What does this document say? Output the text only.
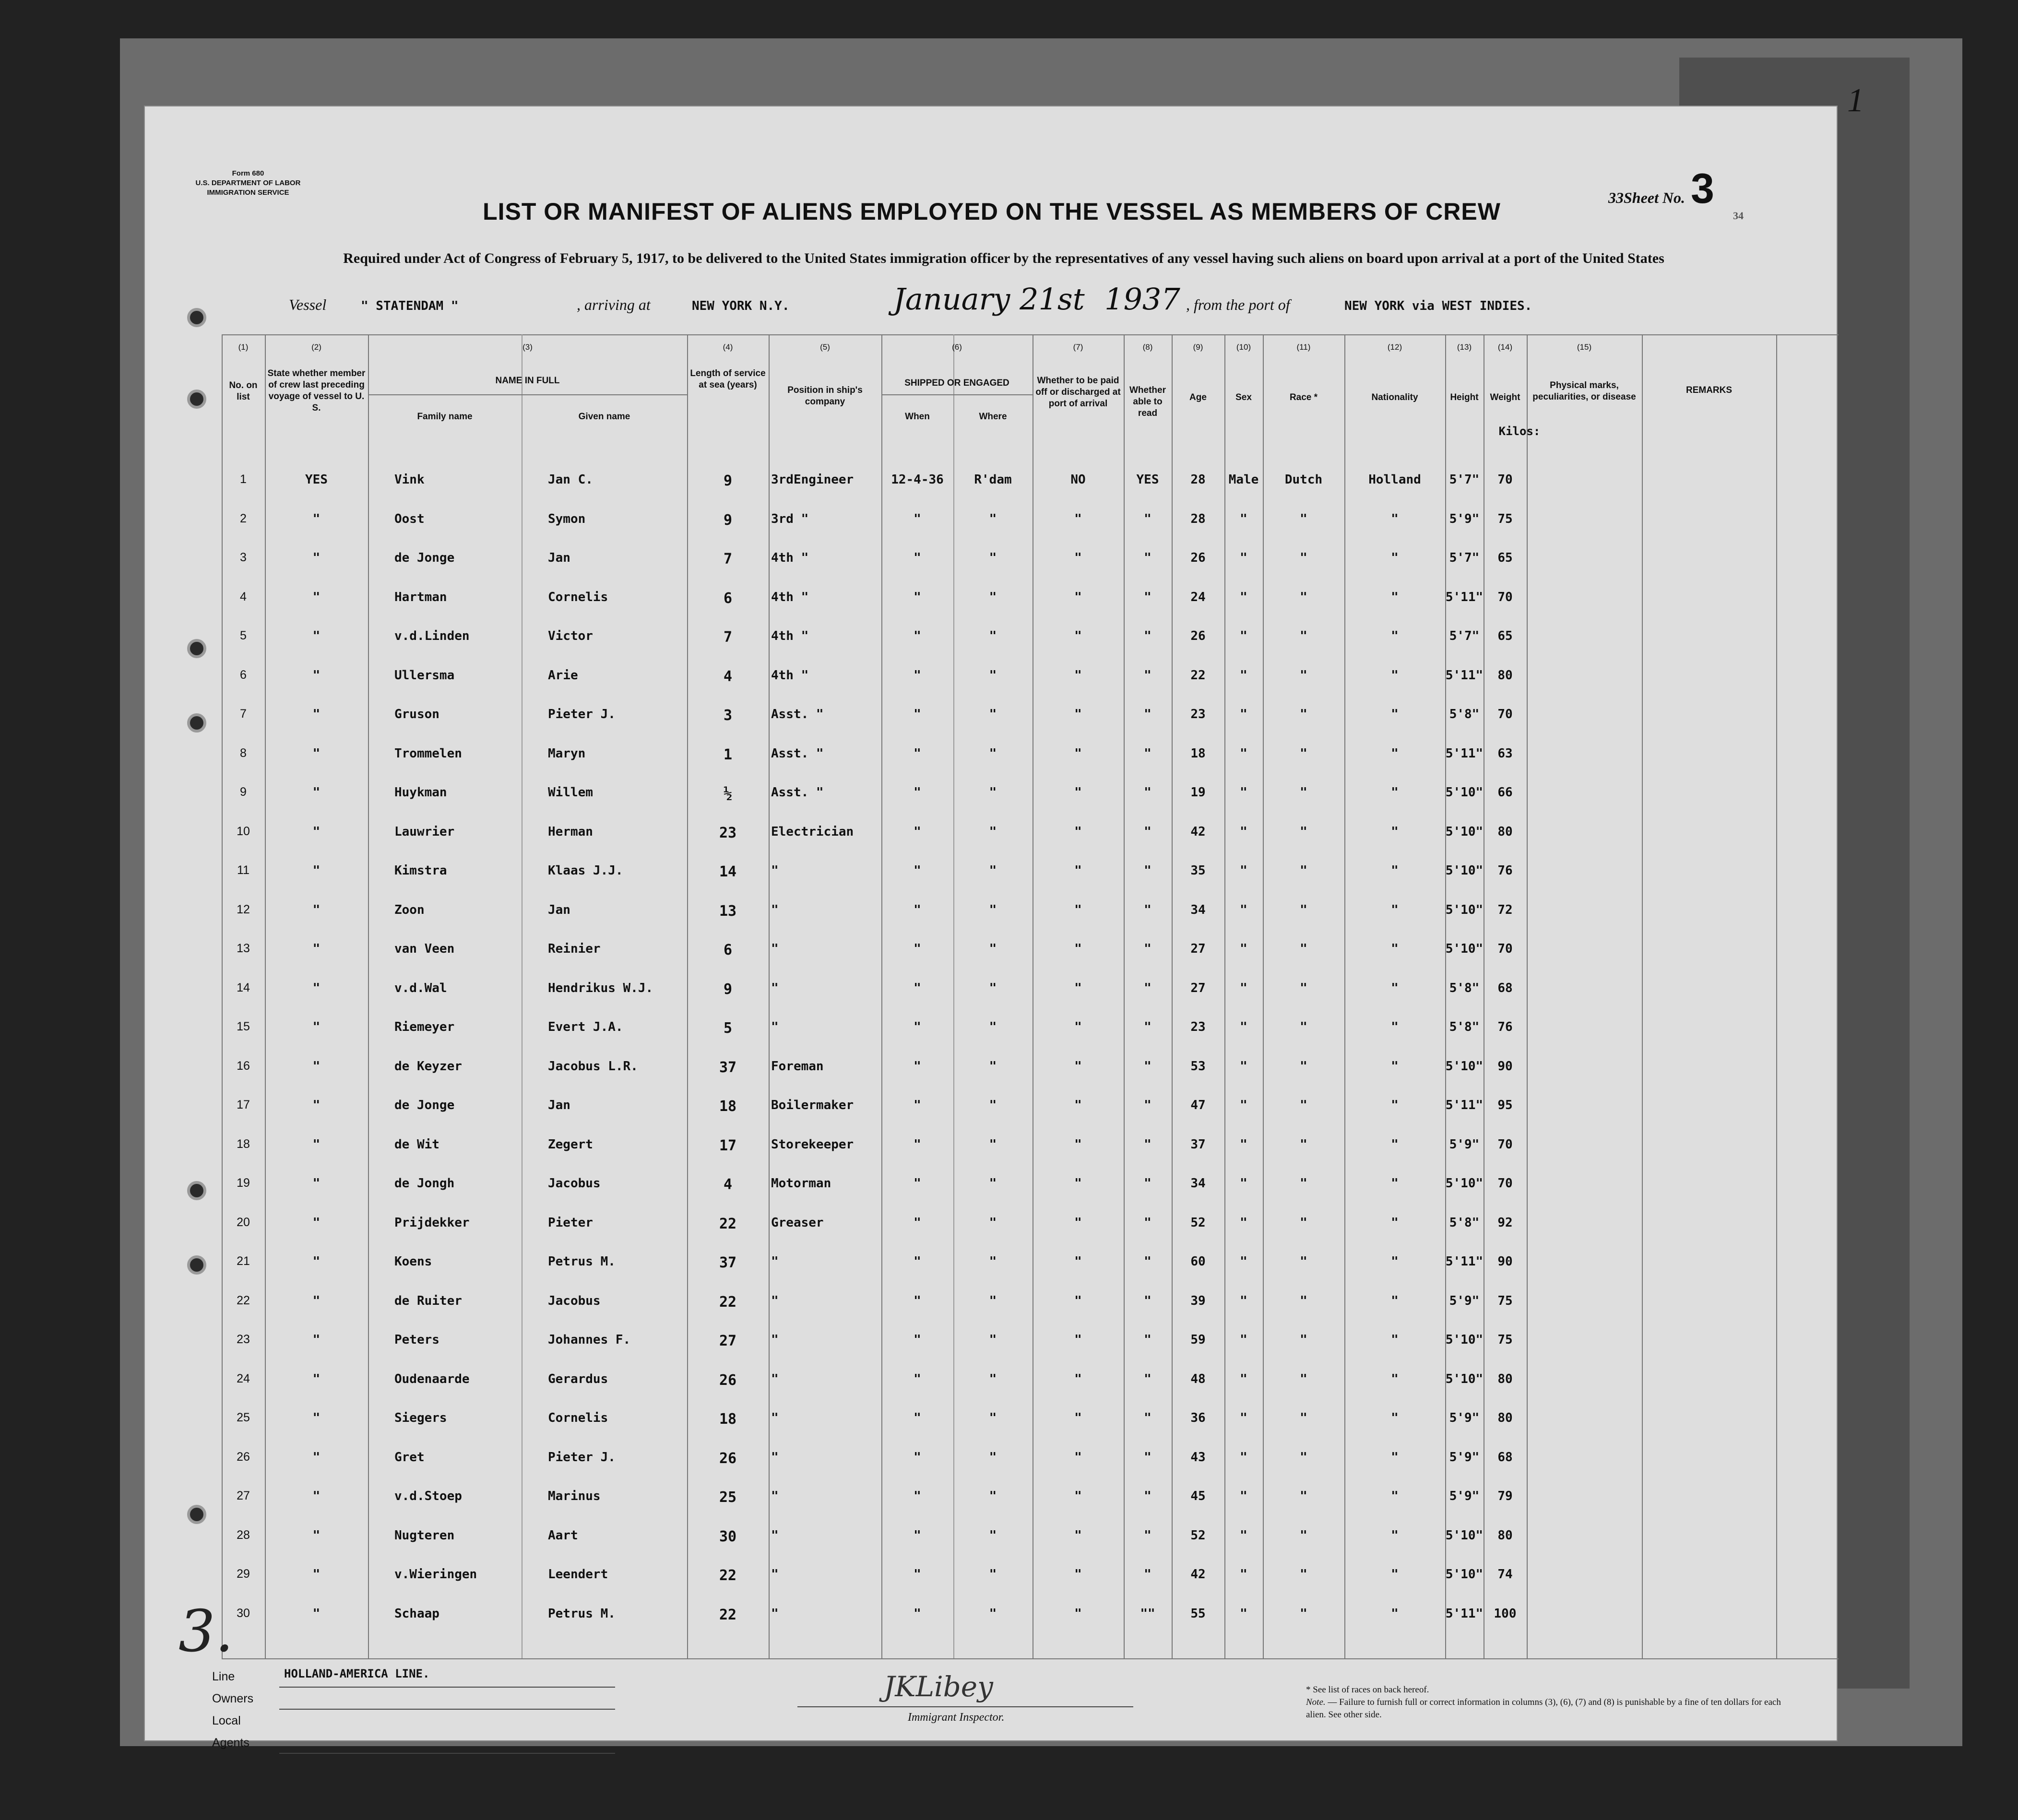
1
Form 680
U.S. DEPARTMENT OF LABOR
IMMIGRATION SERVICE	33Sheet No. 3
34
LIST OR MANIFEST OF ALIENS EMPLOYED ON THE VESSEL AS MEMBERS OF CREW
Required under Act of Congress of February 5, 1917, to be delivered to the United States immigration officer by the representatives of any vessel having such aliens on board upon arrival at a port of the United States
Vessel	" STATENDAM "	, arriving at	NEW YORK N.Y.	January 21st 1937 , from the port of	NEW YORK via WEST INDIES.
(1)	(2)	(3)	(4)	(5)	(6)	(7)	(8)	(9)	(10)	(11)	(12)	(13)	(14)	(15)
No. on list
State whether member of crew last preceding voyage of vessel to U. S.
NAME IN FULL
Family name	Given name
Length of service at sea (years)
Position in ship's company
SHIPPED OR ENGAGED
When	Where
Whether to be paid off or discharged at port of arrival
Whether able to read
Age	Sex	Race *	Nationality	Height	Weight
Kilos:
Physical marks, peculiarities, or disease
REMARKS
1	YES	Vink	Jan C.	9	3rdEngineer	12-4-36	R'dam	NO	YES	28	Male	Dutch	Holland	5'7"	70
2	"	Oost	Symon	9	3rd "	"	"	"	"	28	"	"	"	5'9"	75
3	"	de Jonge	Jan	7	4th "	"	"	"	"	26	"	"	"	5'7"	65
4	"	Hartman	Cornelis	6	4th "	"	"	"	"	24	"	"	"	5'11"	70
5	"	v.d.Linden	Victor	7	4th "	"	"	"	"	26	"	"	"	5'7"	65
6	"	Ullersma	Arie	4	4th "	"	"	"	"	22	"	"	"	5'11"	80
7	"	Gruson	Pieter J.	3	Asst. "	"	"	"	"	23	"	"	"	5'8"	70
8	"	Trommelen	Maryn	1	Asst. "	"	"	"	"	18	"	"	"	5'11"	63
9	"	Huykman	Willem	½	Asst. "	"	"	"	"	19	"	"	"	5'10"	66
10	"	Lauwrier	Herman	23	Electrician	"	"	"	"	42	"	"	"	5'10"	80
11	"	Kimstra	Klaas J.J.	14	"	"	"	"	"	35	"	"	"	5'10"	76
12	"	Zoon	Jan	13	"	"	"	"	"	34	"	"	"	5'10"	72
13	"	van Veen	Reinier	6	"	"	"	"	"	27	"	"	"	5'10"	70
14	"	v.d.Wal	Hendrikus W.J.	9	"	"	"	"	"	27	"	"	"	5'8"	68
15	"	Riemeyer	Evert J.A.	5	"	"	"	"	"	23	"	"	"	5'8"	76
16	"	de Keyzer	Jacobus L.R.	37	Foreman	"	"	"	"	53	"	"	"	5'10"	90
17	"	de Jonge	Jan	18	Boilermaker	"	"	"	"	47	"	"	"	5'11"	95
18	"	de Wit	Zegert	17	Storekeeper	"	"	"	"	37	"	"	"	5'9"	70
19	"	de Jongh	Jacobus	4	Motorman	"	"	"	"	34	"	"	"	5'10"	70
20	"	Prijdekker	Pieter	22	Greaser	"	"	"	"	52	"	"	"	5'8"	92
21	"	Koens	Petrus M.	37	"	"	"	"	"	60	"	"	"	5'11"	90
22	"	de Ruiter	Jacobus	22	"	"	"	"	"	39	"	"	"	5'9"	75
23	"	Peters	Johannes F.	27	"	"	"	"	"	59	"	"	"	5'10"	75
24	"	Oudenaarde	Gerardus	26	"	"	"	"	"	48	"	"	"	5'10"	80
25	"	Siegers	Cornelis	18	"	"	"	"	"	36	"	"	"	5'9"	80
26	"	Gret	Pieter J.	26	"	"	"	"	"	43	"	"	"	5'9"	68
27	"	v.d.Stoep	Marinus	25	"	"	"	"	"	45	"	"	"	5'9"	79
28	"	Nugteren	Aart	30	"	"	"	"	"	52	"	"	"	5'10"	80
29	"	v.Wieringen	Leendert	22	"	"	"	"	"	42	"	"	"	5'10"	74
30	"	Schaap	Petrus M.	22	"	"	"	"	""	55	"	"	"	5'11" 100
3.
Line
Owners
Local Agents
HOLLAND-AMERICA LINE.	JKLibey
Immigrant Inspector.
* See list of races on back hereof.
Note. — Failure to furnish full or correct information in columns (3), (6), (7) and (8) is punishable by a fine of ten dollars for each alien. See other side.
